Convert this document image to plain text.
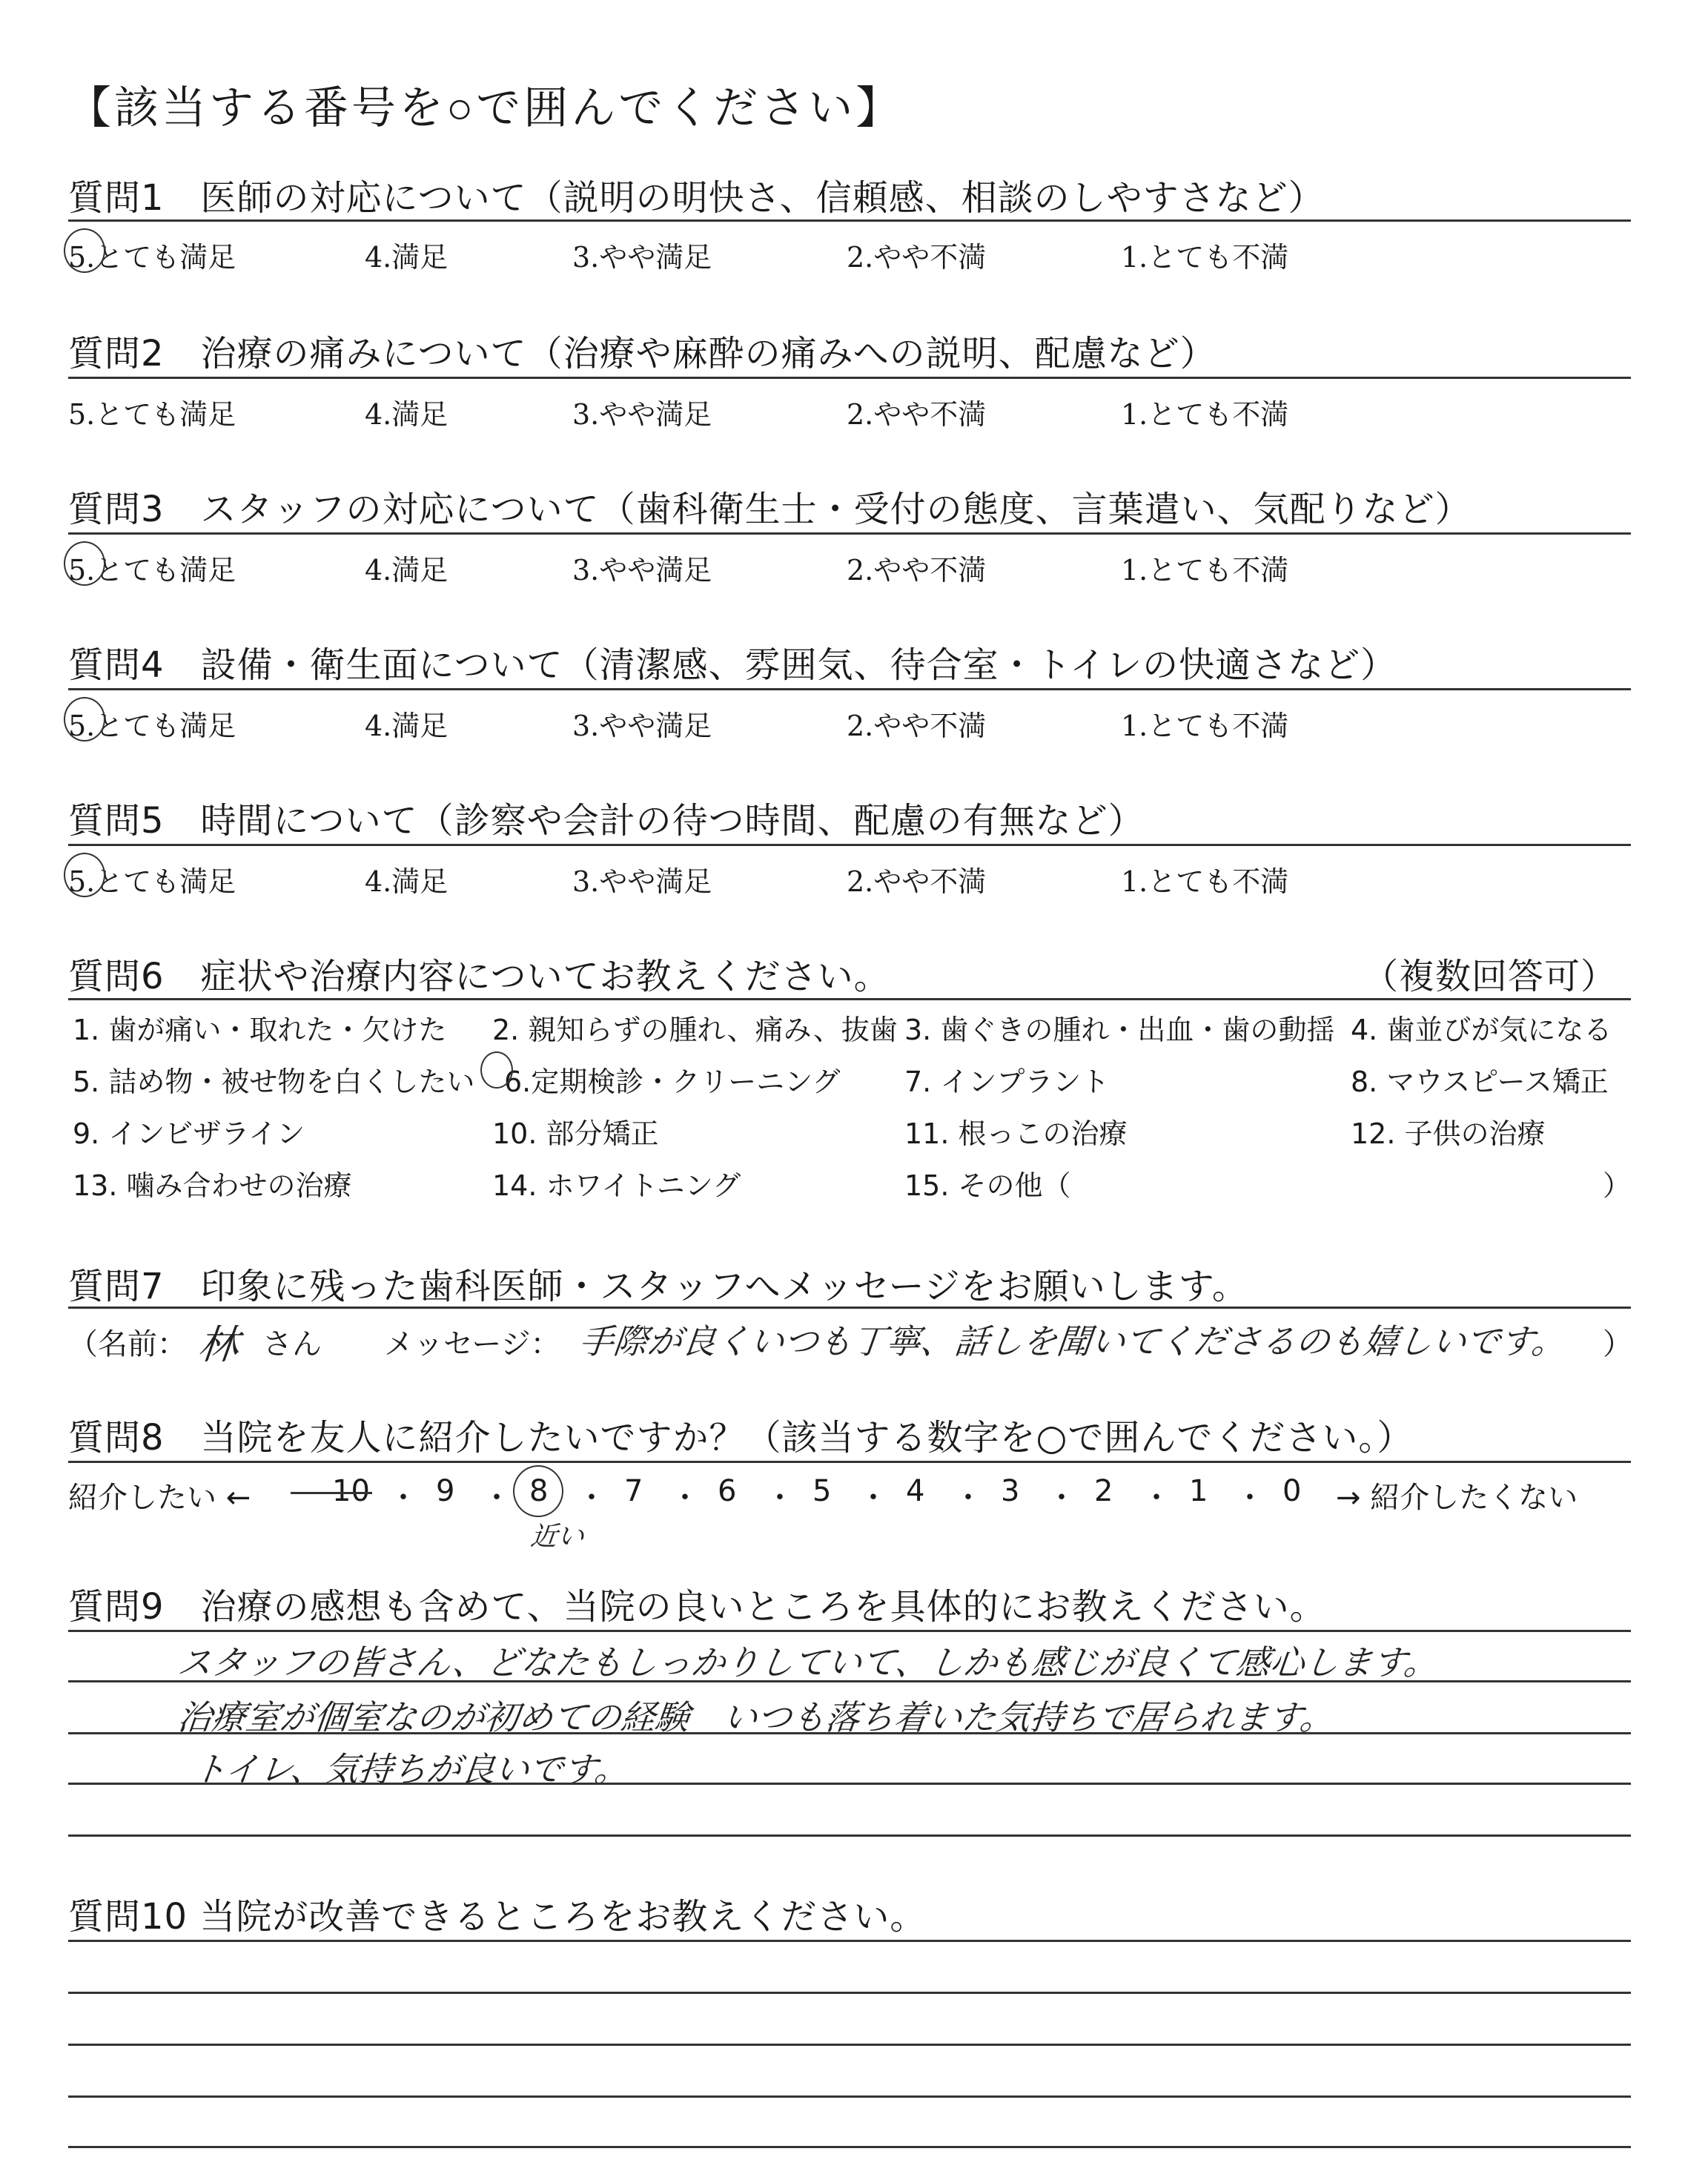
【該当する番号を○で囲んでください】
質問1　医師の対応について（説明の明快さ、信頼感、相談のしやすさなど）
5.とても満足	4.満足	3.やや満足	2.やや不満	1.とても不満
質問2　治療の痛みについて（治療や麻酔の痛みへの説明、配慮など）
5.とても満足	4.満足	3.やや満足	2.やや不満	1.とても不満
質問3　スタッフの対応について（歯科衛生士・受付の態度、言葉遣い、気配りなど）
5.とても満足	4.満足	3.やや満足	2.やや不満	1.とても不満
質問4　設備・衛生面について（清潔感、雰囲気、待合室・トイレの快適さなど）
5.とても満足	4.満足	3.やや満足	2.やや不満	1.とても不満
質問5　時間について（診察や会計の待つ時間、配慮の有無など）
5.とても満足	4.満足	3.やや満足	2.やや不満	1.とても不満
質問6　症状や治療内容についてお教えください。	（複数回答可）
1. 歯が痛い・取れた・欠けた 2. 親知らずの腫れ、痛み、抜歯 3. 歯ぐきの腫れ・出血・歯の動揺 4. 歯並びが気になる
5. 詰め物・被せ物を白くしたい 6.定期検診・クリーニング 7. インプラント	8. マウスピース矯正
9. インビザライン	10. 部分矯正	11. 根っこの治療	12. 子供の治療
13. 噛み合わせの治療	14. ホワイトニング	15. その他（	）
質問7　印象に残った歯科医師・スタッフへメッセージをお願いします。
（名前： 林 さん メッセージ： 手際が良くいつも丁寧、話しを聞いてくださるのも嬉しいです。 ）
質問8　当院を友人に紹介したいですか？（該当する数字を○で囲んでください。）
紹介したい ←	10 ・ 9 ・ 8 ・ 7 ・ 6 ・ 5 ・ 4 ・ 3 ・ 2 ・ 1 ・ 0 → 紹介したくない
近い
質問9　治療の感想も含めて、当院の良いところを具体的にお教えください。
スタッフの皆さん、どなたもしっかりしていて、しかも感じが良くて感心します。
治療室が個室なのが初めての経験　いつも落ち着いた気持ちで居られます。
トイレ、気持ちが良いです。
質問10 当院が改善できるところをお教えください。
